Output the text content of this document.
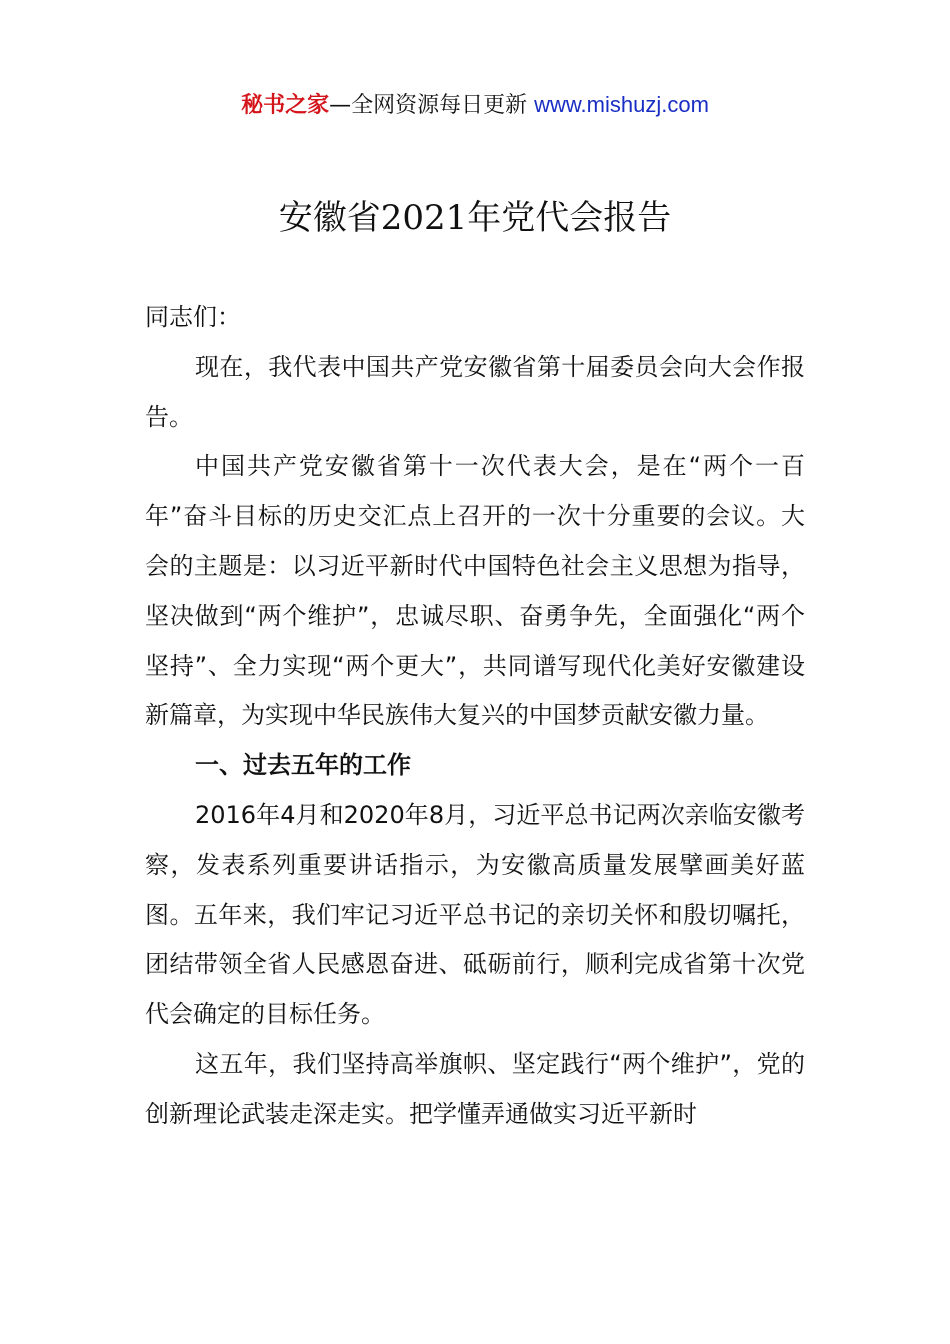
秘书之家—全网资源每日更新 www.mishuzj.com
安徽省2021年党代会报告

同志们：

现在，我代表中国共产党安徽省第十届委员会向大会作报告。

中国共产党安徽省第十一次代表大会，是在“两个一百年”奋斗目标的历史交汇点上召开的一次十分重要的会议。大会的主题是：以习近平新时代中国特色社会主义思想为指导，坚决做到“两个维护”，忠诚尽职、奋勇争先，全面强化“两个坚持”、全力实现“两个更大”，共同谱写现代化美好安徽建设新篇章，为实现中华民族伟大复兴的中国梦贡献安徽力量。

一、过去五年的工作

2016年4月和2020年8月，习近平总书记两次亲临安徽考察，发表系列重要讲话指示，为安徽高质量发展擘画美好蓝图。五年来，我们牢记习近平总书记的亲切关怀和殷切嘱托，团结带领全省人民感恩奋进、砥砺前行，顺利完成省第十次党代会确定的目标任务。

这五年，我们坚持高举旗帜、坚定践行“两个维护”，党的创新理论武装走深走实。把学懂弄通做实习近平新时
